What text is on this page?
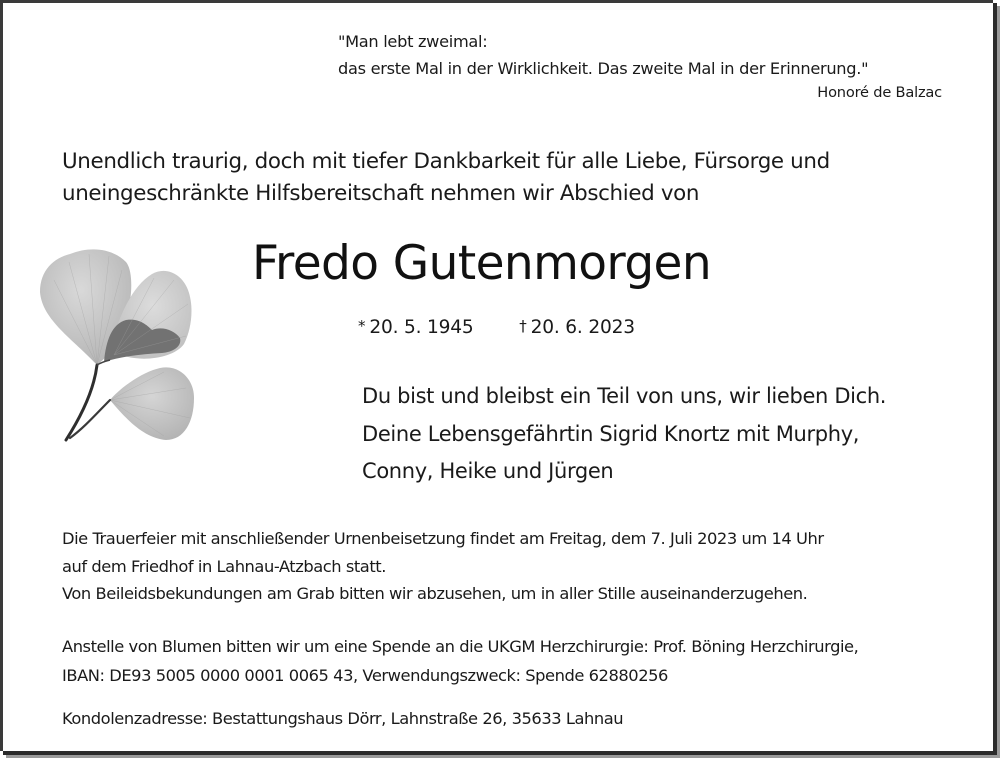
"Man lebt zweimal:
das erste Mal in der Wirklichkeit. Das zweite Mal in der Erinnerung."
Honoré de Balzac
Unendlich traurig, doch mit tiefer Dankbarkeit für alle Liebe, Fürsorge und
uneingeschränkte Hilfsbereitschaft nehmen wir Abschied von
Fredo Gutenmorgen
* 20. 5. 1945	† 20. 6. 2023
Du bist und bleibst ein Teil von uns, wir lieben Dich.
Deine Lebensgefährtin Sigrid Knortz mit Murphy,
Conny, Heike und Jürgen
Die Trauerfeier mit anschließender Urnenbeisetzung findet am Freitag, dem 7. Juli 2023 um 14 Uhr
auf dem Friedhof in Lahnau-Atzbach statt.
Von Beileidsbekundungen am Grab bitten wir abzusehen, um in aller Stille auseinanderzugehen.
Anstelle von Blumen bitten wir um eine Spende an die UKGM Herzchirurgie: Prof. Böning Herzchirurgie,
IBAN: DE93 5005 0000 0001 0065 43, Verwendungszweck: Spende 62880256
Kondolenzadresse: Bestattungshaus Dörr, Lahnstraße 26, 35633 Lahnau
